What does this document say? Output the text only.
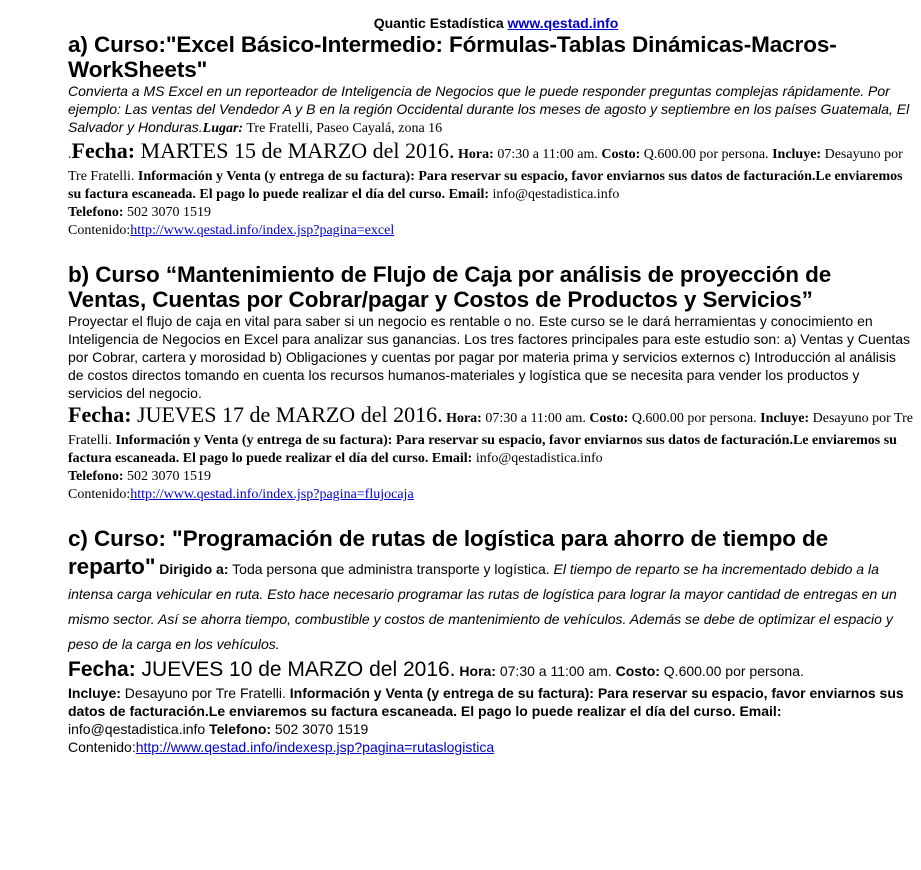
Quantic Estadística www.qestad.info

a) Curso:"Excel Básico-Intermedio: Fórmulas-Tablas Dinámicas-Macros-WorkSheets"

Convierta a MS Excel en un reporteador de Inteligencia de Negocios que le puede responder preguntas complejas rápidamente. Por ejemplo: Las ventas del Vendedor A y B en la región Occidental durante los meses de agosto y septiembre en los países Guatemala, El Salvador y Honduras.Lugar: Tre Fratelli, Paseo Cayalá, zona 16

.Fecha: MARTES 15 de MARZO del 2016. Hora: 07:30 a 11:00 am. Costo: Q.600.00 por persona. Incluye: Desayuno por Tre Fratelli. Información y Venta (y entrega de su factura): Para reservar su espacio, favor enviarnos sus datos de facturación.Le enviaremos su factura escaneada. El pago lo puede realizar el día del curso. Email: info@qestadistica.info
Telefono: 502 3070 1519
Contenido:http://www.qestad.info/index.jsp?pagina=excel

b) Curso “Mantenimiento de Flujo de Caja por análisis de proyección de Ventas, Cuentas por Cobrar/pagar y Costos de Productos y Servicios”

Proyectar el flujo de caja en vital para saber si un negocio es rentable o no. Este curso se le dará herramientas y conocimiento en Inteligencia de Negocios en Excel para analizar sus ganancias. Los tres factores principales para este estudio son: a) Ventas y Cuentas por Cobrar, cartera y morosidad b) Obligaciones y cuentas por pagar por materia prima y servicios externos c) Introducción al análisis de costos directos tomando en cuenta los recursos humanos-materiales y logística que se necesita para vender los productos y servicios del negocio.

Fecha: JUEVES 17 de MARZO del 2016. Hora: 07:30 a 11:00 am. Costo: Q.600.00 por persona. Incluye: Desayuno por Tre Fratelli. Información y Venta (y entrega de su factura): Para reservar su espacio, favor enviarnos sus datos de facturación.Le enviaremos su factura escaneada. El pago lo puede realizar el día del curso. Email: info@qestadistica.info
Telefono: 502 3070 1519
Contenido:http://www.qestad.info/index.jsp?pagina=flujocaja

c) Curso: "Programación de rutas de logística para ahorro de tiempo de reparto" Dirigido a: Toda persona que administra transporte y logística. El tiempo de reparto se ha incrementado debido a la intensa carga vehicular en ruta. Esto hace necesario programar las rutas de logística para lograr la mayor cantidad de entregas en un mismo sector. Así se ahorra tiempo, combustible y costos de mantenimiento de vehículos. Además se debe de optimizar el espacio y peso de la carga en los vehículos.

Fecha: JUEVES 10 de MARZO del 2016. Hora: 07:30 a 11:00 am. Costo: Q.600.00 por persona.
Incluye: Desayuno por Tre Fratelli. Información y Venta (y entrega de su factura): Para reservar su espacio, favor enviarnos sus datos de facturación.Le enviaremos su factura escaneada. El pago lo puede realizar el día del curso. Email: info@qestadistica.info Telefono: 502 3070 1519
Contenido:http://www.qestad.info/indexesp.jsp?pagina=rutaslogistica
